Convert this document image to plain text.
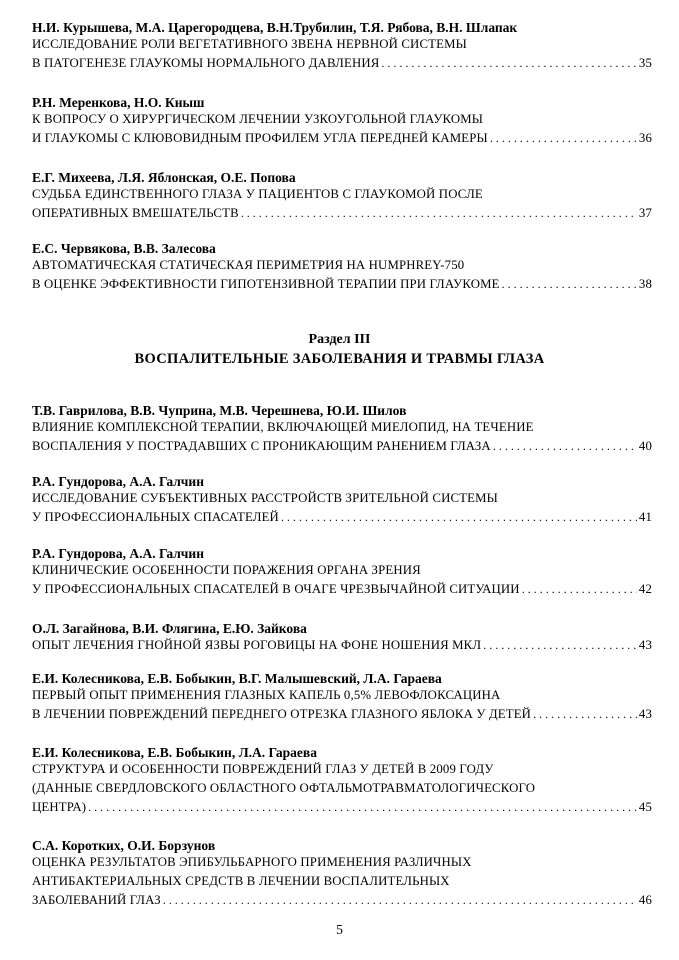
Н.И. Курышева, М.А. Царегородцева, В.Н.Трубилин, Т.Я. Рябова, В.Н. Шлапак
ИССЛЕДОВАНИЕ РОЛИ ВЕГЕТАТИВНОГО ЗВЕНА НЕРВНОЙ СИСТЕМЫ
В ПАТОГЕНЕЗЕ ГЛАУКОМЫ НОРМАЛЬНОГО ДАВЛЕНИЯ . . .	35
Р.Н. Меренкова, Н.О. Кныш
К ВОПРОСУ О ХИРУРГИЧЕСКОМ ЛЕЧЕНИИ УЗКОУГОЛЬНОЙ ГЛАУКОМЫ
И ГЛАУКОМЫ С КЛЮВОВИДНЫМ ПРОФИЛЕМ УГЛА ПЕРЕДНЕЙ КАМЕРЫ . . .	36
Е.Г. Михеева, Л.Я. Яблонская, О.Е. Попова
СУДЬБА ЕДИНСТВЕННОГО ГЛАЗА У ПАЦИЕНТОВ С ГЛАУКОМОЙ ПОСЛЕ
ОПЕРАТИВНЫХ ВМЕШАТЕЛЬСТВ . . .	37
Е.С. Червякова, В.В. Залесова
АВТОМАТИЧЕСКАЯ СТАТИЧЕСКАЯ ПЕРИМЕТРИЯ НА HUMPHREY-750
В ОЦЕНКЕ ЭФФЕКТИВНОСТИ ГИПОТЕНЗИВНОЙ ТЕРАПИИ ПРИ ГЛАУКОМЕ . . .	38
Раздел III
ВОСПАЛИТЕЛЬНЫЕ ЗАБОЛЕВАНИЯ И ТРАВМЫ ГЛАЗА
Т.В. Гаврилова, В.В. Чуприна, М.В. Черешнева, Ю.И. Шилов
ВЛИЯНИЕ КОМПЛЕКСНОЙ ТЕРАПИИ, ВКЛЮЧАЮЩЕЙ МИЕЛОПИД, НА ТЕЧЕНИЕ
ВОСПАЛЕНИЯ У ПОСТРАДАВШИХ С ПРОНИКАЮЩИМ РАНЕНИЕМ ГЛАЗА . . .	40
Р.А. Гундорова, А.А. Галчин
ИССЛЕДОВАНИЕ СУБЪЕКТИВНЫХ РАССТРОЙСТВ ЗРИТЕЛЬНОЙ СИСТЕМЫ
У ПРОФЕССИОНАЛЬНЫХ СПАСАТЕЛЕЙ . . .	41
Р.А. Гундорова, А.А. Галчин
КЛИНИЧЕСКИЕ ОСОБЕННОСТИ ПОРАЖЕНИЯ ОРГАНА ЗРЕНИЯ
У ПРОФЕССИОНАЛЬНЫХ СПАСАТЕЛЕЙ В ОЧАГЕ ЧРЕЗВЫЧАЙНОЙ СИТУАЦИИ . . .	42
О.Л. Загайнова, В.И. Флягина, Е.Ю. Зайкова
ОПЫТ ЛЕЧЕНИЯ ГНОЙНОЙ ЯЗВЫ РОГОВИЦЫ НА ФОНЕ НОШЕНИЯ МКЛ . . .	43
Е.И. Колесникова, Е.В. Бобыкин, В.Г. Малышевский, Л.А. Гараева
ПЕРВЫЙ ОПЫТ ПРИМЕНЕНИЯ ГЛАЗНЫХ КАПЕЛЬ 0,5% ЛЕВОФЛОКСАЦИНА
В ЛЕЧЕНИИ ПОВРЕЖДЕНИЙ ПЕРЕДНЕГО ОТРЕЗКА ГЛАЗНОГО ЯБЛОКА У ДЕТЕЙ . . .	43
Е.И. Колесникова, Е.В. Бобыкин, Л.А. Гараева
СТРУКТУРА И ОСОБЕННОСТИ ПОВРЕЖДЕНИЙ ГЛАЗ У ДЕТЕЙ В 2009 ГОДУ
(ДАННЫЕ СВЕРДЛОВСКОГО ОБЛАСТНОГО ОФТАЛЬМОТРАВМАТОЛОГИЧЕСКОГО
ЦЕНТРА) . . .	45
С.А. Коротких, О.И. Борзунов
ОЦЕНКА РЕЗУЛЬТАТОВ ЭПИБУЛЬБАРНОГО ПРИМЕНЕНИЯ РАЗЛИЧНЫХ
АНТИБАКТЕРИАЛЬНЫХ СРЕДСТВ В ЛЕЧЕНИИ ВОСПАЛИТЕЛЬНЫХ
ЗАБОЛЕВАНИЙ ГЛАЗ . . .	46
5
